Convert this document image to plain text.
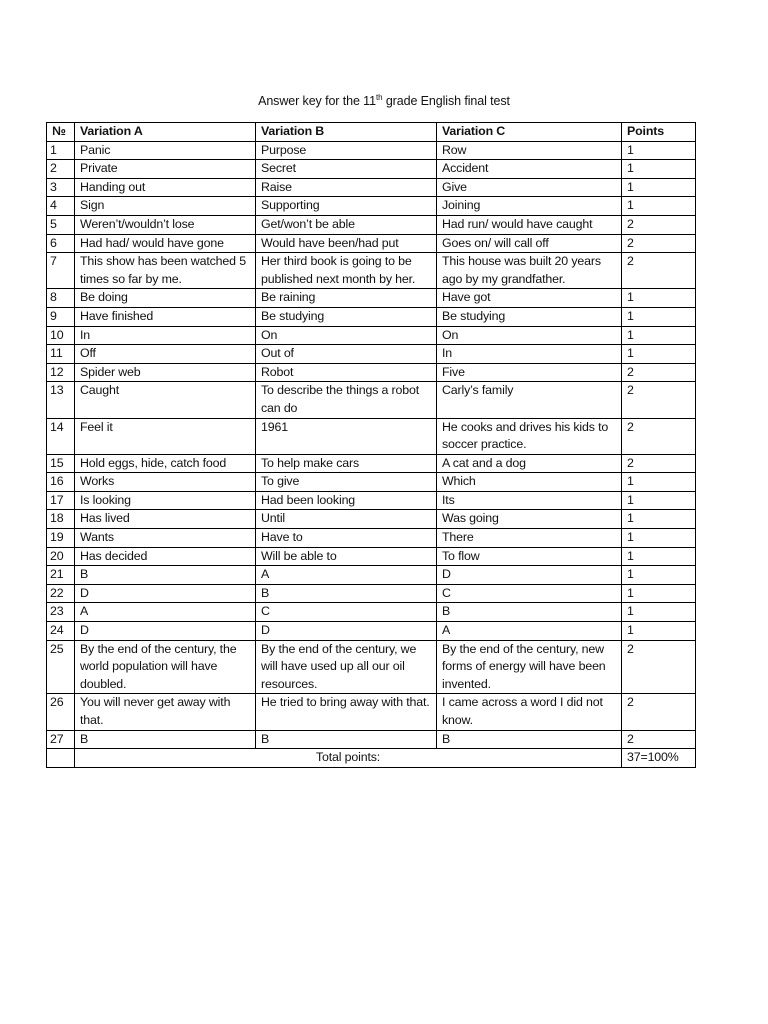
Answer key for the 11th grade English final test
№	Variation A	Variation B	Variation C	Points
1	Panic	Purpose	Row	1
2	Private	Secret	Accident	1
3	Handing out	Raise	Give	1
4	Sign	Supporting	Joining	1
5	Weren’t/wouldn’t lose	Get/won’t be able	Had run/ would have caught	2
6	Had had/ would have gone	Would have been/had put	Goes on/ will call off	2
7	This show has been watched 5 times so far by me.	Her third book is going to be published next month by her.	This house was built 20 years ago by my grandfather.	2
8	Be doing	Be raining	Have got	1
9	Have finished	Be studying	Be studying	1
10	In	On	On	1
11	Off	Out of	In	1
12	Spider web	Robot	Five	2
13	Caught	To describe the things a robot can do	Carly’s family	2
14	Feel it	1961	He cooks and drives his kids to soccer practice.	2
15	Hold eggs, hide, catch food	To help make cars	A cat and a dog	2
16	Works	To give	Which	1
17	Is looking	Had been looking	Its	1
18	Has lived	Until	Was going	1
19	Wants	Have to	There	1
20	Has decided	Will be able to	To flow	1
21	B	A	D	1
22	D	B	C	1
23	A	C	B	1
24	D	D	A	1
25	By the end of the century, the world population will have doubled.	By the end of the century, we will have used up all our oil resources.	By the end of the century, new forms of energy will have been invented.	2
26	You will never get away with that.	He tried to bring away with that.	I came across a word I did not know.	2
27	B	B	B	2
	Total points:			37=100%
